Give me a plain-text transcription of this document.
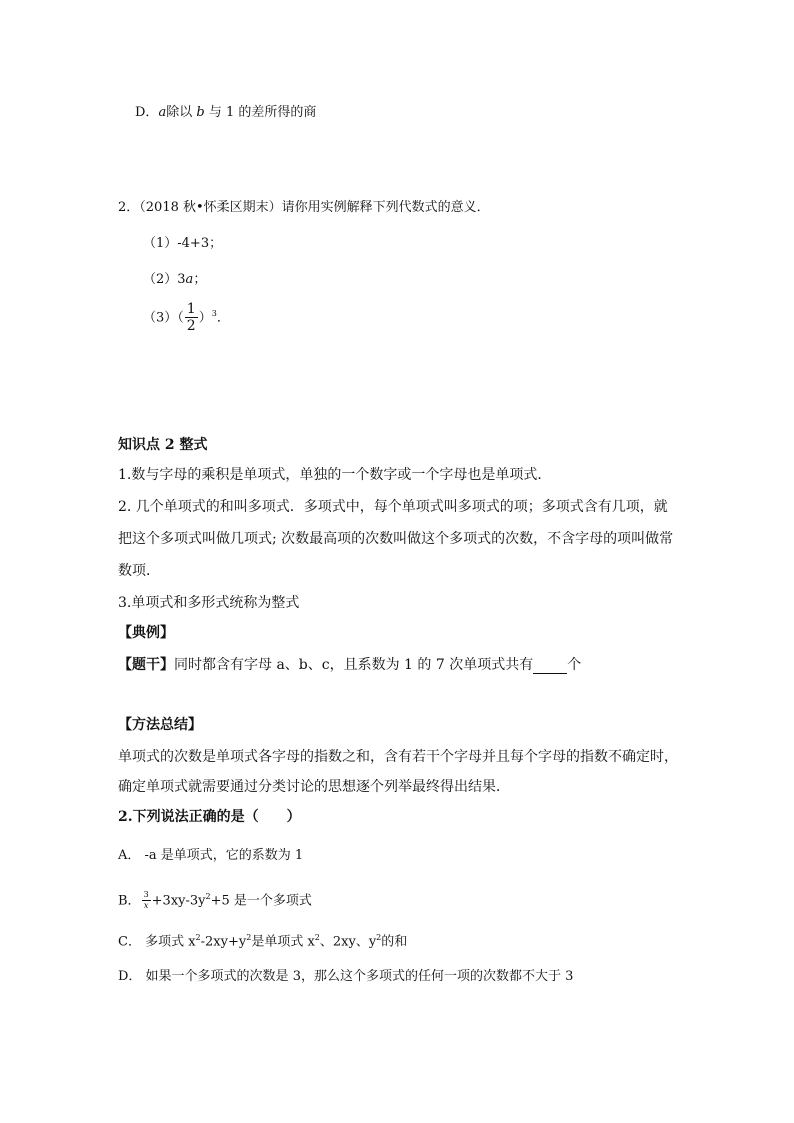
D．a除以 b 与 1 的差所得的商
2．（2018 秋•怀柔区期末）请你用实例解释下列代数式的意义．
（1）-4+3；
（2）3a；
$(3)( \frac{1}{2} )^3$．
知识点 2 整式
1.数与字母的乘积是单项式，单独的一个数字或一个字母也是单项式．
2. 几个单项式的和叫多项式．多项式中，每个单项式叫多项式的项；多项式含有几项，就
把这个多项式叫做几项式; 次数最高项的次数叫做这个多项式的次数，不含字母的项叫做常
数项．
3.单项式和多形式统称为整式
【典例】
【题干】同时都含有字母 a、b、c，且系数为 1 的 7 次单项式共有 个
【方法总结】
单项式的次数是单项式各字母的指数之和，含有若干个字母并且每个字母的指数不确定时，
确定单项式就需要通过分类讨论的思想逐个列举最终得出结果．
2.下列说法正确的是（　　）
A． -a 是单项式，它的系数为 1
B． $\frac{3}{x} +3xy-3y^2+5$ 是一个多项式
C． 多项式 $x^2-2xy+y^2$是单项式 $x^2$、2xy、$y^2$的和
D． 如果一个多项式的次数是 3，那么这个多项式的任何一项的次数都不大于 3
